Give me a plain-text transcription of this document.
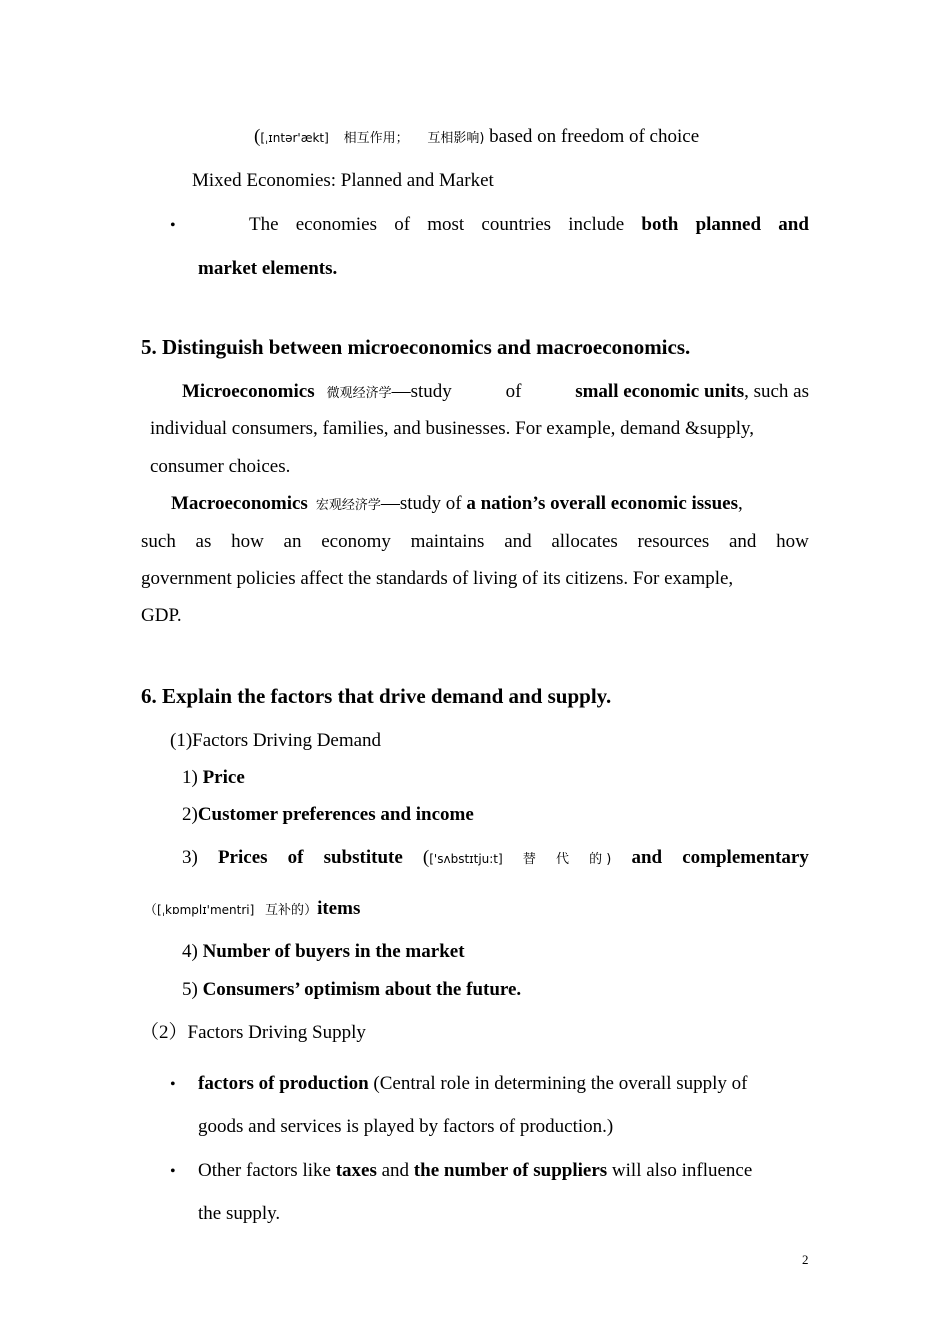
([ˌɪntər'ækt] 相互作用； 互相影响) based on freedom of choice
Mixed Economies: Planned and Market
•	The economies of most countries include both planned and
market elements.
5. Distinguish between microeconomics and macroeconomics.
Microeconomics 微观经济学—study	of	small economic units, such as
individual consumers, families, and businesses. For example, demand &supply,
consumer choices.
Macroeconomics 宏观经济学—study of a nation’s overall economic issues,
such as how an economy maintains and allocates resources and how
government policies affect the standards of living of its citizens. For example,
GDP.
6. Explain the factors that drive demand and supply.
(1)Factors Driving Demand
1) Price
2)Customer preferences and income
3) Prices of substitute (['sʌbstɪtju:t] 替 代 的 ) and complementary
（[ˌkɒmplɪ'mentri] 互补的）items
4) Number of buyers in the market
5) Consumers’ optimism about the future.
（2）Factors Driving Supply
• factors of production (Central role in determining the overall supply of
goods and services is played by factors of production.)
• Other factors like taxes and the number of suppliers will also influence
the supply.
2
